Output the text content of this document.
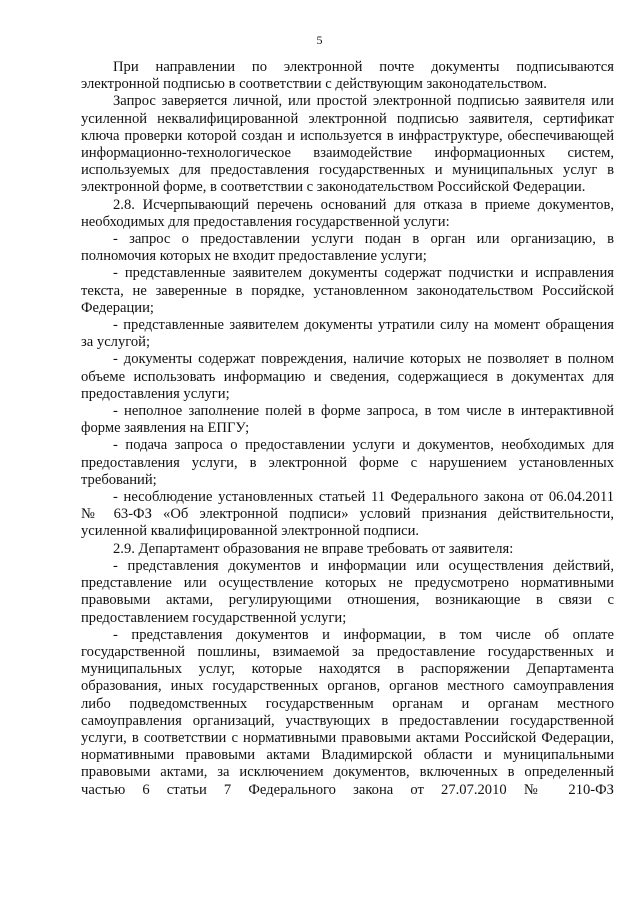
5

При направлении по электронной почте документы подписываются электронной подписью в соответствии с действующим законодательством.

Запрос заверяется личной, или простой электронной подписью заявителя или усиленной неквалифицированной электронной подписью заявителя, сертификат ключа проверки которой создан и используется в инфраструктуре, обеспечивающей информационно-технологическое взаимодействие информационных систем, используемых для предоставления государственных и муниципальных услуг в электронной форме, в соответствии с законодательством Российской Федерации.

2.8. Исчерпывающий перечень оснований для отказа в приеме документов, необходимых для предоставления государственной услуги:

- запрос о предоставлении услуги подан в орган или организацию, в полномочия которых не входит предоставление услуги;

- представленные заявителем документы содержат подчистки и исправления текста, не заверенные в порядке, установленном законодательством Российской Федерации;

- представленные заявителем документы утратили силу на момент обращения за услугой;

- документы содержат повреждения, наличие которых не позволяет в полном объеме использовать информацию и сведения, содержащиеся в документах для предоставления услуги;

- неполное заполнение полей в форме запроса, в том числе в интерактивной форме заявления на ЕПГУ;

- подача запроса о предоставлении услуги и документов, необходимых для предоставления услуги, в электронной форме с нарушением установленных требований;

- несоблюдение установленных статьей 11 Федерального закона от 06.04.2011 № 63-ФЗ «Об электронной подписи» условий признания действительности, усиленной квалифицированной электронной подписи.

2.9. Департамент образования не вправе требовать от заявителя:

- представления документов и информации или осуществления действий, представление или осуществление которых не предусмотрено нормативными правовыми актами, регулирующими отношения, возникающие в связи с предоставлением государственной услуги;

- представления документов и информации, в том числе об оплате государственной пошлины, взимаемой за предоставление государственных и муниципальных услуг, которые находятся в распоряжении Департамента образования, иных государственных органов, органов местного самоуправления либо подведомственных государственным органам и органам местного самоуправления организаций, участвующих в предоставлении государственной услуги, в соответствии с нормативными правовыми актами Российской Федерации, нормативными правовыми актами Владимирской области и муниципальными правовыми актами, за исключением документов, включенных в определенный частью 6 статьи 7 Федерального закона от 27.07.2010 № 210-ФЗ
